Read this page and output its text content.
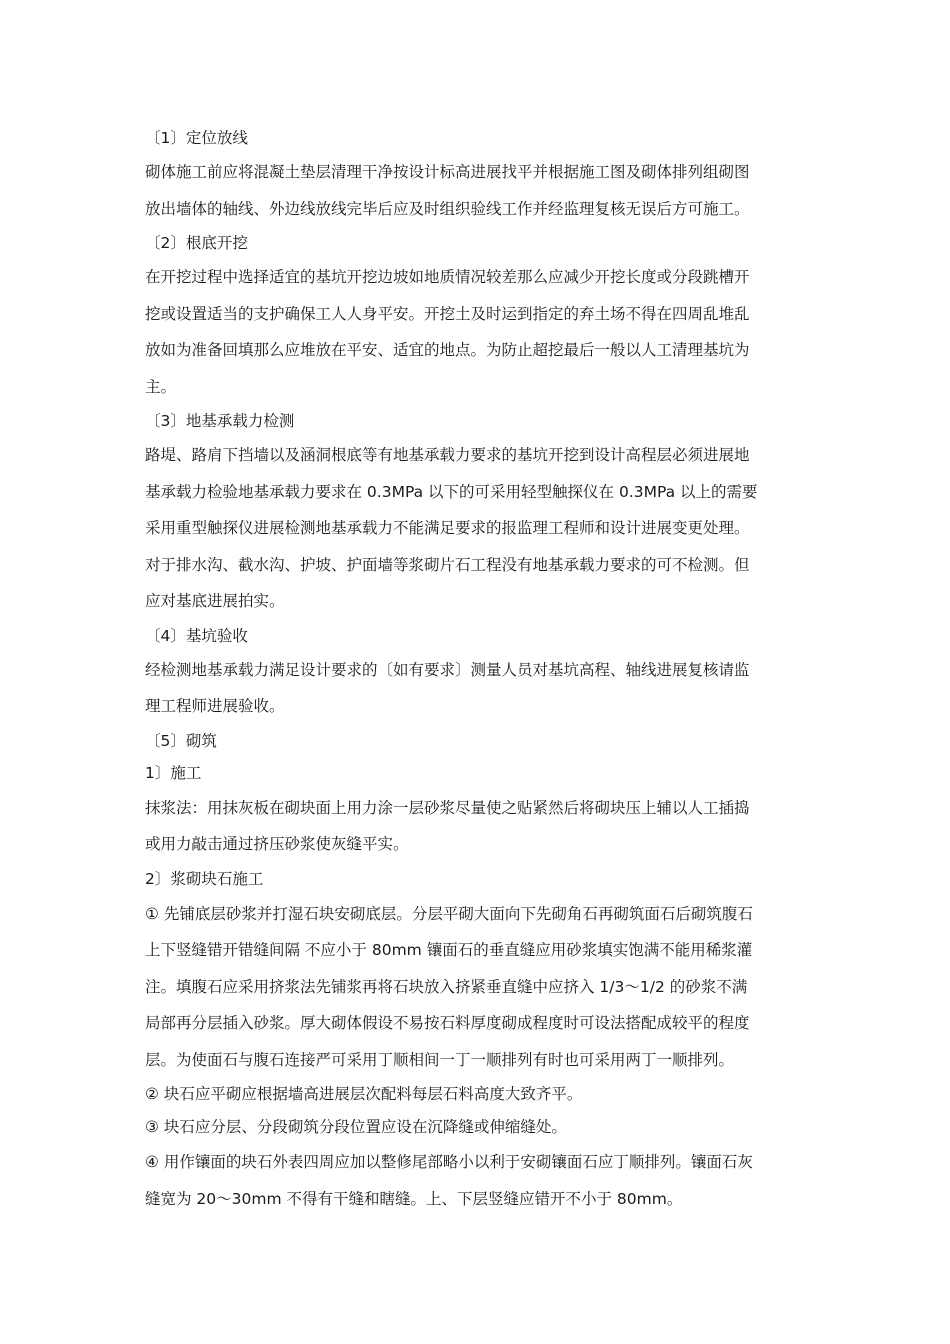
〔1〕定位放线

砌体施工前应将混凝土垫层清理干净按设计标高进展找平并根据施工图及砌体排列组砌图

放出墙体的轴线、外边线放线完毕后应及时组织验线工作并经监理复核无误后方可施工。

〔2〕根底开挖

在开挖过程中选择适宜的基坑开挖边坡如地质情况较差那么应减少开挖长度或分段跳槽开

挖或设置适当的支护确保工人人身平安。开挖土及时运到指定的弃土场不得在四周乱堆乱

放如为准备回填那么应堆放在平安、适宜的地点。为防止超挖最后一般以人工清理基坑为

主。

〔3〕地基承载力检测

路堤、路肩下挡墙以及涵洞根底等有地基承载力要求的基坑开挖到设计高程层必须进展地

基承载力检验地基承载力要求在 0.3MPa 以下的可采用轻型触探仪在 0.3MPa 以上的需要

采用重型触探仪进展检测地基承载力不能满足要求的报监理工程师和设计进展变更处理。

对于排水沟、截水沟、护坡、护面墙等浆砌片石工程没有地基承载力要求的可不检测。但

应对基底进展拍实。

〔4〕基坑验收

经检测地基承载力满足设计要求的〔如有要求〕测量人员对基坑高程、轴线进展复核请监

理工程师进展验收。

〔5〕砌筑

1〕施工

抹浆法：用抹灰板在砌块面上用力涂一层砂浆尽量使之贴紧然后将砌块压上辅以人工插捣

或用力敲击通过挤压砂浆使灰缝平实。

2〕浆砌块石施工

① 先铺底层砂浆并打湿石块安砌底层。分层平砌大面向下先砌角石再砌筑面石后砌筑腹石

上下竖缝错开错缝间隔 不应小于 80mm 镶面石的垂直缝应用砂浆填实饱满不能用稀浆灌

注。填腹石应采用挤浆法先铺浆再将石块放入挤紧垂直缝中应挤入 1/3～1/2 的砂浆不满

局部再分层插入砂浆。厚大砌体假设不易按石料厚度砌成程度时可设法搭配成较平的程度

层。为使面石与腹石连接严可采用丁顺相间一丁一顺排列有时也可采用两丁一顺排列。

② 块石应平砌应根据墙高进展层次配料每层石料高度大致齐平。

③ 块石应分层、分段砌筑分段位置应设在沉降缝或伸缩缝处。

④ 用作镶面的块石外表四周应加以整修尾部略小以利于安砌镶面石应丁顺排列。镶面石灰

缝宽为 20～30mm 不得有干缝和瞎缝。上、下层竖缝应错开不小于 80mm。
